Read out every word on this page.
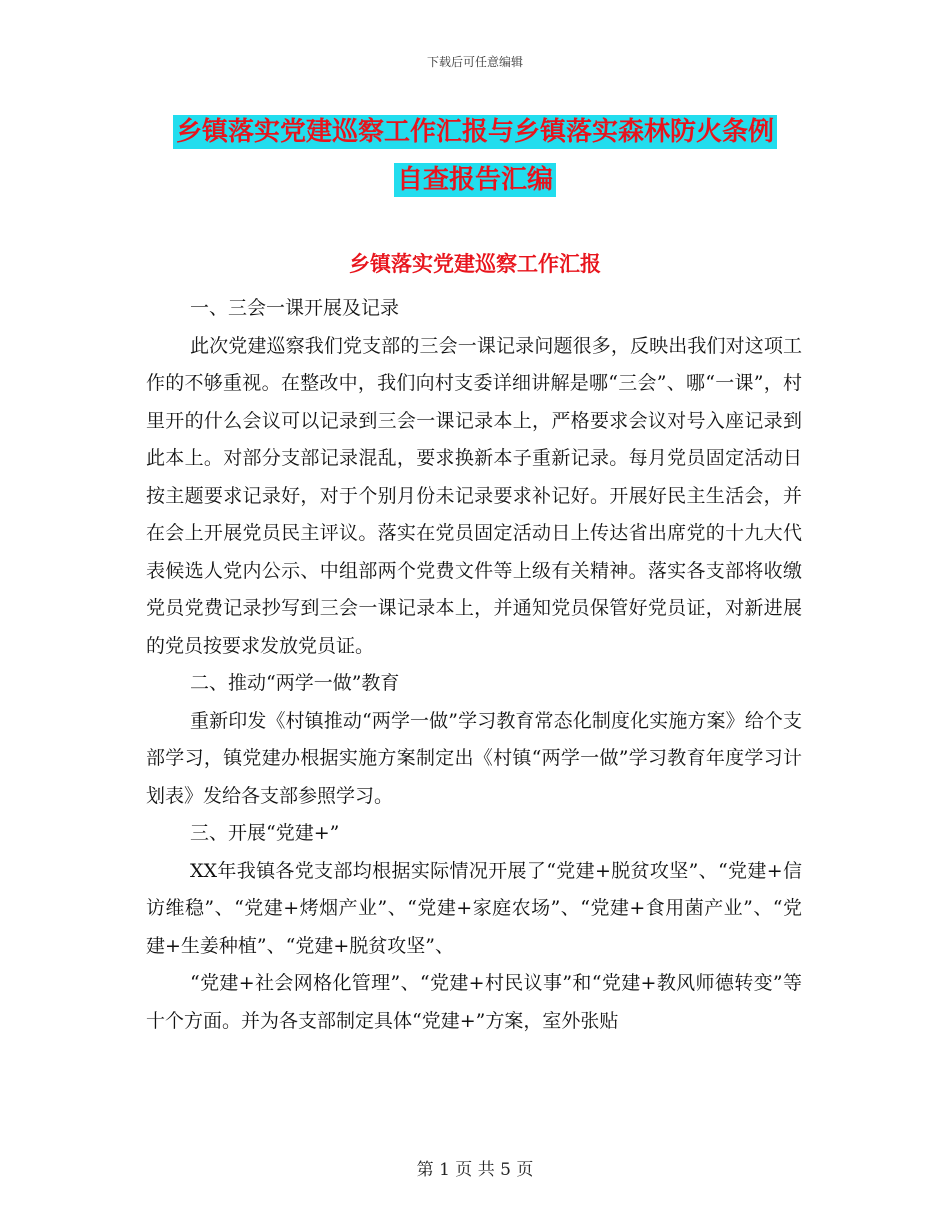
下载后可任意编辑
乡镇落实党建巡察工作汇报与乡镇落实森林防火条例
自查报告汇编
乡镇落实党建巡察工作汇报

一、三会一课开展及记录

此次党建巡察我们党支部的三会一课记录问题很多，反映出我们对这项工作的不够重视。在整改中，我们向村支委详细讲解是哪“三会”、哪“一课”，村里开的什么会议可以记录到三会一课记录本上，严格要求会议对号入座记录到此本上。对部分支部记录混乱，要求换新本子重新记录。每月党员固定活动日按主题要求记录好，对于个别月份未记录要求补记好。开展好民主生活会，并在会上开展党员民主评议。落实在党员固定活动日上传达省出席党的十九大代表候选人党内公示、中组部两个党费文件等上级有关精神。落实各支部将收缴党员党费记录抄写到三会一课记录本上，并通知党员保管好党员证，对新进展的党员按要求发放党员证。

二、推动“两学一做”教育

重新印发《村镇推动“两学一做”学习教育常态化制度化实施方案》给个支部学习，镇党建办根据实施方案制定出《村镇“两学一做”学习教育年度学习计划表》发给各支部参照学习。

三、开展“党建+”

XX年我镇各党支部均根据实际情况开展了“党建+脱贫攻坚”、“党建+信访维稳”、“党建+烤烟产业”、“党建+家庭农场”、“党建+食用菌产业”、“党建+生姜种植”、“党建+脱贫攻坚”、

“党建+社会网格化管理”、“党建+村民议事”和“党建+教风师德转变”等十个方面。并为各支部制定具体“党建+”方案，室外张贴

第 1 页 共 5 页
